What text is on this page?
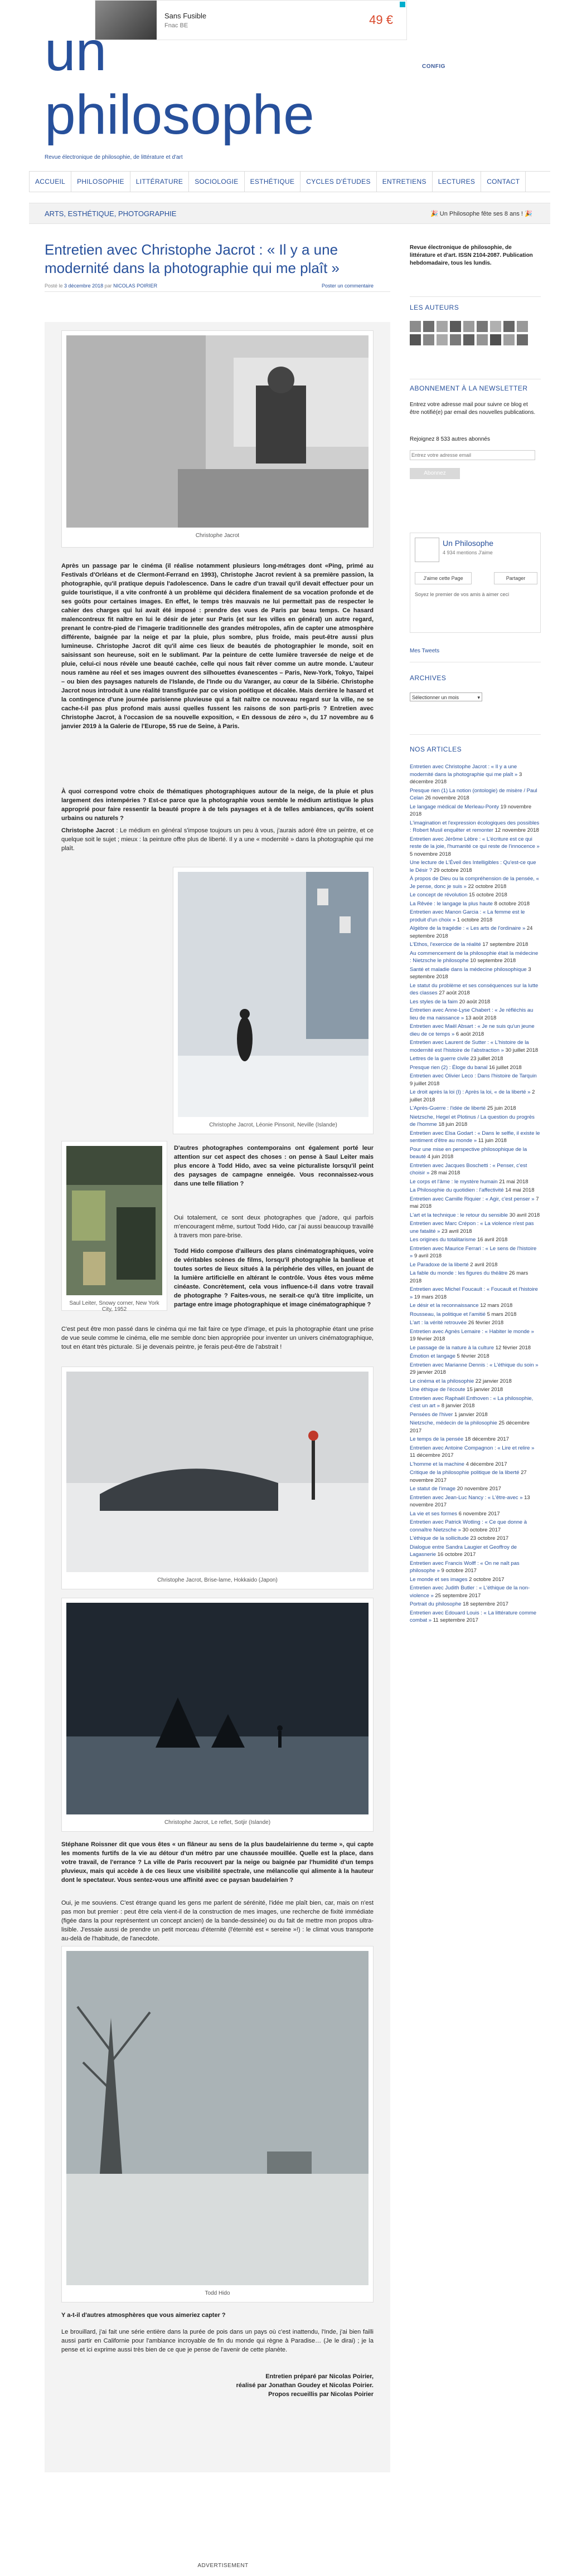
Sans Fusible
Fnac BE	49 €
CONFIG
un
philosophe
Revue électronique de philosophie, de littérature et d'art
ACCUEIL	PHILOSOPHIE	LITTÉRATURE	SOCIOLOGIE	ESTHÉTIQUE	CYCLES D'ÉTUDES	ENTRETIENS	LECTURES	CONTACT
ARTS, ESTHÉTIQUE, PHOTOGRAPHIE	🎉 Un Philosophe fête ses 8 ans ! 🎉
Entretien avec Christophe Jacrot : « Il y a une modernité dans la photographie qui me plaît »
Posté le 3 décembre 2018 par NICOLAS POIRIER	Poster un commentaire
Christophe Jacrot
Après un passage par le cinéma (il réalise notamment plusieurs long-métrages dont «Ping, primé au Festivals d'Orléans et de Clermont-Ferrand en 1993), Christophe Jacrot revient à sa première passion, la photographie, qu'il pratique depuis l'adolescence. Dans le cadre d'un travail qu'il devait effectuer pour un guide touristique, il a vite confronté à un problème qui décidera finalement de sa vocation profonde et de ses goûts pour certaines images. En effet, le temps très mauvais ne lui permettait pas de respecter le cahier des charges qui lui avait été imposé : prendre des vues de Paris par beau temps. Ce hasard malencontreux fit naître en lui le désir de jeter sur Paris (et sur les villes en général) un autre regard, prenant le contre-pied de l'imagerie traditionnelle des grandes métropoles, afin de capter une atmosphère différente, baignée par la neige et par la pluie, plus sombre, plus froide, mais peut-être aussi plus lumineuse. Christophe Jacrot dit qu'il aime ces lieux de beautés de photographier le monde, soit en saisissant son heureuse, soit en le sublimant. Par la peinture de cette lumière traversée de neige et de pluie, celui-ci nous révèle une beauté cachée, celle qui nous fait rêver comme un autre monde. L'auteur nous ramène au réel et ses images ouvrent des silhouettes évanescentes – Paris, New-York, Tokyo, Taipei – ou bien des paysages naturels de l'Islande, de l'Inde ou du Varanger, au cœur de la Sibérie. Christophe Jacrot nous introduit à une réalité transfigurée par ce vision poétique et décalée. Mais derrière le hasard et la contingence d'une journée parisienne pluvieuse qui a fait naître ce nouveau regard sur la ville, ne se cache-t-il pas plus profond mais aussi quelles fussent les raisons de son parti-pris ? Entretien avec Christophe Jacrot, à l'occasion de sa nouvelle exposition, « En dessous de zéro », du 17 novembre au 6 janvier 2019 à la Galerie de l'Europe, 55 rue de Seine, à Paris.
À quoi correspond votre choix de thématiques photographiques autour de la neige, de la pluie et plus largement des intempéries ? Est-ce parce que la photographie vous semble le médium artistique le plus approprié pour faire ressentir la beauté propre à de tels paysages et à de telles ambiances, qu'ils soient urbains ou naturels ?
Christophe Jacrot : Le médium en général s'impose toujours un peu à vous, j'aurais adoré être un peintre, et ce quelque soit le sujet ; mieux : la peinture offre plus de liberté. Il y a une « modernité » dans la photographie qui me plaît.
Christophe Jacrot, Léonie Pinsonit, Neville (Islande)
Saul Leiter, Snowy corner, New York City, 1952
D'autres photographes contemporains ont également porté leur attention sur cet aspect des choses : on pense à Saul Leiter mais plus encore à Todd Hido, avec sa veine picturaliste lorsqu'il peint des paysages de campagne enneigée. Vous reconnaissez-vous dans une telle filiation ?
Oui totalement, ce sont deux photographes que j'adore, qui parfois m'encouragent même, surtout Todd Hido, car j'ai aussi beaucoup travaillé à travers mon pare-brise.
Todd Hido compose d'ailleurs des plans cinématographiques, voire de véritables scènes de films, lorsqu'il photographie la banlieue et toutes sortes de lieux situés à la périphérie des villes, en jouant de la lumière artificielle en altérant le contrôle. Vous êtes vous même cinéaste. Concrètement, cela vous influence-t-il dans votre travail de photographe ? Faites-vous, ne serait-ce qu'à titre implicite, un partage entre image photographique et image cinématographique ?
C'est peut être mon passé dans le cinéma qui me fait faire ce type d'image, et puis la photographie étant une prise de vue seule comme le cinéma, elle me semble donc bien appropriée pour inventer un univers cinématographique, tout en étant très picturale. Si je devenais peintre, je ferais peut-être de l'abstrait !
Christophe Jacrot, Brise-lame, Hokkaido (Japon)
Christophe Jacrot, Le reflet, Sotjir (Islande)
Stéphane Roissner dit que vous êtes « un flâneur au sens de la plus baudelairienne du terme », qui capte les moments furtifs de la vie au détour d'un métro par une chaussée mouillée. Quelle est la place, dans votre travail, de l'errance ? La ville de Paris recouvert par la neige ou baignée par l'humidité d'un temps pluvieux, mais qui accède à de ces lieux une visibilité spectrale, une mélancolie qui alimente à la hauteur dont le spectateur. Vous sentez-vous une affinité avec ce paysan baudelairien ?
Oui, je me souviens. C'est étrange quand les gens me parlent de sérénité, l'idée me plaît bien, car, mais on n'est pas mon but premier : peut être cela vient-il de la construction de mes images, une recherche de fixité immédiate (figée dans la pour représentent un concept ancien) de la bande-dessinée) ou du fait de mettre mon propos ultra-lisible. J'essaie aussi de prendre un petit morceau d'éternité (l'éternité est « sereine »!) : le climat vous transporte au-delà de l'habitude, de l'anecdote.
Todd Hido
Y a-t-il d'autres atmosphères que vous aimeriez capter ?
Le brouillard, j'ai fait une série entière dans la purée de pois dans un pays où c'est inattendu, l'Inde, j'ai bien failli aussi partir en Californie pour l'ambiance incroyable de fin du monde qui règne à Paradise… (Je le dirai) ; je la pense et ici exprime aussi très bien de ce que je pense de l'avenir de cette planète.
Entretien préparé par Nicolas Poirier,
réalisé par Jonathan Goudey et Nicolas Poirier.
Propos recueillis par Nicolas Poirier
ADVERTISEMENT
Revue électronique de philosophie, de littérature et d'art. ISSN 2104-2087. Publication hebdomadaire, tous les lundis.
LES AUTEURS
ABONNEMENT À LA NEWSLETTER
Entrez votre adresse mail pour suivre ce blog et être notifié(e) par email des nouvelles publications.
Rejoignez 8 533 autres abonnés
Entrez votre adresse email
Abonnez
Un Philosophe
4 934 mentions J'aime
J'aime cette Page	Partager
Soyez le premier de vos amis à aimer ceci
Mes Tweets
ARCHIVES
Sélectionner un mois	▾
NOS ARTICLES
Entretien avec Christophe Jacrot : « Il y a une modernité dans la photographie qui me plaît » 3 décembre 2018
Presque rien (1) La notion (ontologie) de misère / Paul Celan 26 novembre 2018
Le langage médical de Merleau-Ponty 19 novembre 2018
L'imagination et l'expression écologiques des possibles : Robert Musil enquêter et remonter 12 novembre 2018
Entretien avec Jérôme Lèbre : « L'écriture est ce qui reste de la joie, l'humanité ce qui reste de l'innocence » 5 novembre 2018
Une lecture de L'Éveil des Intelligibles : Qu'est-ce que le Désir ? 29 octobre 2018
À propos de Dieu ou la compréhension de la pensée, « Je pense, donc je suis » 22 octobre 2018
Le concept de révolution 15 octobre 2018
La Rêvée : le langage la plus haute 8 octobre 2018
Entretien avec Manon Garcia : « La femme est le produit d'un choix » 1 octobre 2018
Algèbre de la tragédie : « Les arts de l'ordinaire » 24 septembre 2018
L'Ethos, l'exercice de la réalité 17 septembre 2018
Au commencement de la philosophie était la médecine : Nietzsche le philosophe 10 septembre 2018
Santé et maladie dans la médecine philosophique 3 septembre 2018
Le statut du problème et ses conséquences sur la lutte des classes 27 août 2018
Les styles de la faim 20 août 2018
Entretien avec Anne-Lyse Chabert : « Je réfléchis au lieu de ma naissance » 13 août 2018
Entretien avec Maël Absart : « Je ne suis qu'un jeune dieu de ce temps » 6 août 2018
Entretien avec Laurent de Sutter : « L'histoire de la modernité est l'histoire de l'abstraction » 30 juillet 2018
Lettres de la guerre civile 23 juillet 2018
Presque rien (2) : Éloge du banal 16 juillet 2018
Entretien avec Olivier Leco : Dans l'histoire de Tarquin 9 juillet 2018
Le droit après la loi (I) : Après la loi, « de la liberté » 2 juillet 2018
L'Après-Guerre : l'idée de liberté 25 juin 2018
Nietzsche, Hegel et Plotinus / La question du progrès de l'homme 18 juin 2018
Entretien avec Elsa Godart : « Dans le selfie, il existe le sentiment d'être au monde » 11 juin 2018
Pour une mise en perspective philosophique de la beauté 4 juin 2018
Entretien avec Jacques Boschetti : « Penser, c'est choisir » 28 mai 2018
Le corps et l'âme : le mystère humain 21 mai 2018
La Philosophie du quotidien : l'affectivité 14 mai 2018
Entretien avec Camille Riquier : « Agir, c'est penser » 7 mai 2018
L'art et la technique : le retour du sensible 30 avril 2018
Entretien avec Marc Crépon : « La violence n'est pas une fatalité » 23 avril 2018
Les origines du totalitarisme 16 avril 2018
Entretien avec Maurice Ferrari : « Le sens de l'histoire » 9 avril 2018
Le Paradoxe de la liberté 2 avril 2018
La fable du monde : les figures du théâtre 26 mars 2018
Entretien avec Michel Foucault : « Foucault et l'histoire » 19 mars 2018
Le désir et la reconnaissance 12 mars 2018
Rousseau, la politique et l'amitié 5 mars 2018
L'art : la vérité retrouvée 26 février 2018
Entretien avec Agnès Lemaire : « Habiter le monde » 19 février 2018
Le passage de la nature à la culture 12 février 2018
Émotion et langage 5 février 2018
Entretien avec Marianne Dennis : « L'éthique du soin » 29 janvier 2018
Le cinéma et la philosophie 22 janvier 2018
Une éthique de l'écoute 15 janvier 2018
Entretien avec Raphaël Enthoven : « La philosophie, c'est un art » 8 janvier 2018
Pensées de l'hiver 1 janvier 2018
Nietzsche, médecin de la philosophie 25 décembre 2017
Le temps de la pensée 18 décembre 2017
Entretien avec Antoine Compagnon : « Lire et relire » 11 décembre 2017
L'homme et la machine 4 décembre 2017
Critique de la philosophie politique de la liberté 27 novembre 2017
Le statut de l'image 20 novembre 2017
Entretien avec Jean-Luc Nancy : « L'être-avec » 13 novembre 2017
La vie et ses formes 6 novembre 2017
Entretien avec Patrick Wotling : « Ce que donne à connaître Nietzsche » 30 octobre 2017
L'éthique de la sollicitude 23 octobre 2017
Dialogue entre Sandra Laugier et Geoffroy de Lagasnerie 16 octobre 2017
Entretien avec Francis Wolff : « On ne naît pas philosophe » 9 octobre 2017
Le monde et ses images 2 octobre 2017
Entretien avec Judith Butler : « L'éthique de la non-violence » 25 septembre 2017
Portrait du philosophe 18 septembre 2017
Entretien avec Edouard Louis : « La littérature comme combat » 11 septembre 2017
